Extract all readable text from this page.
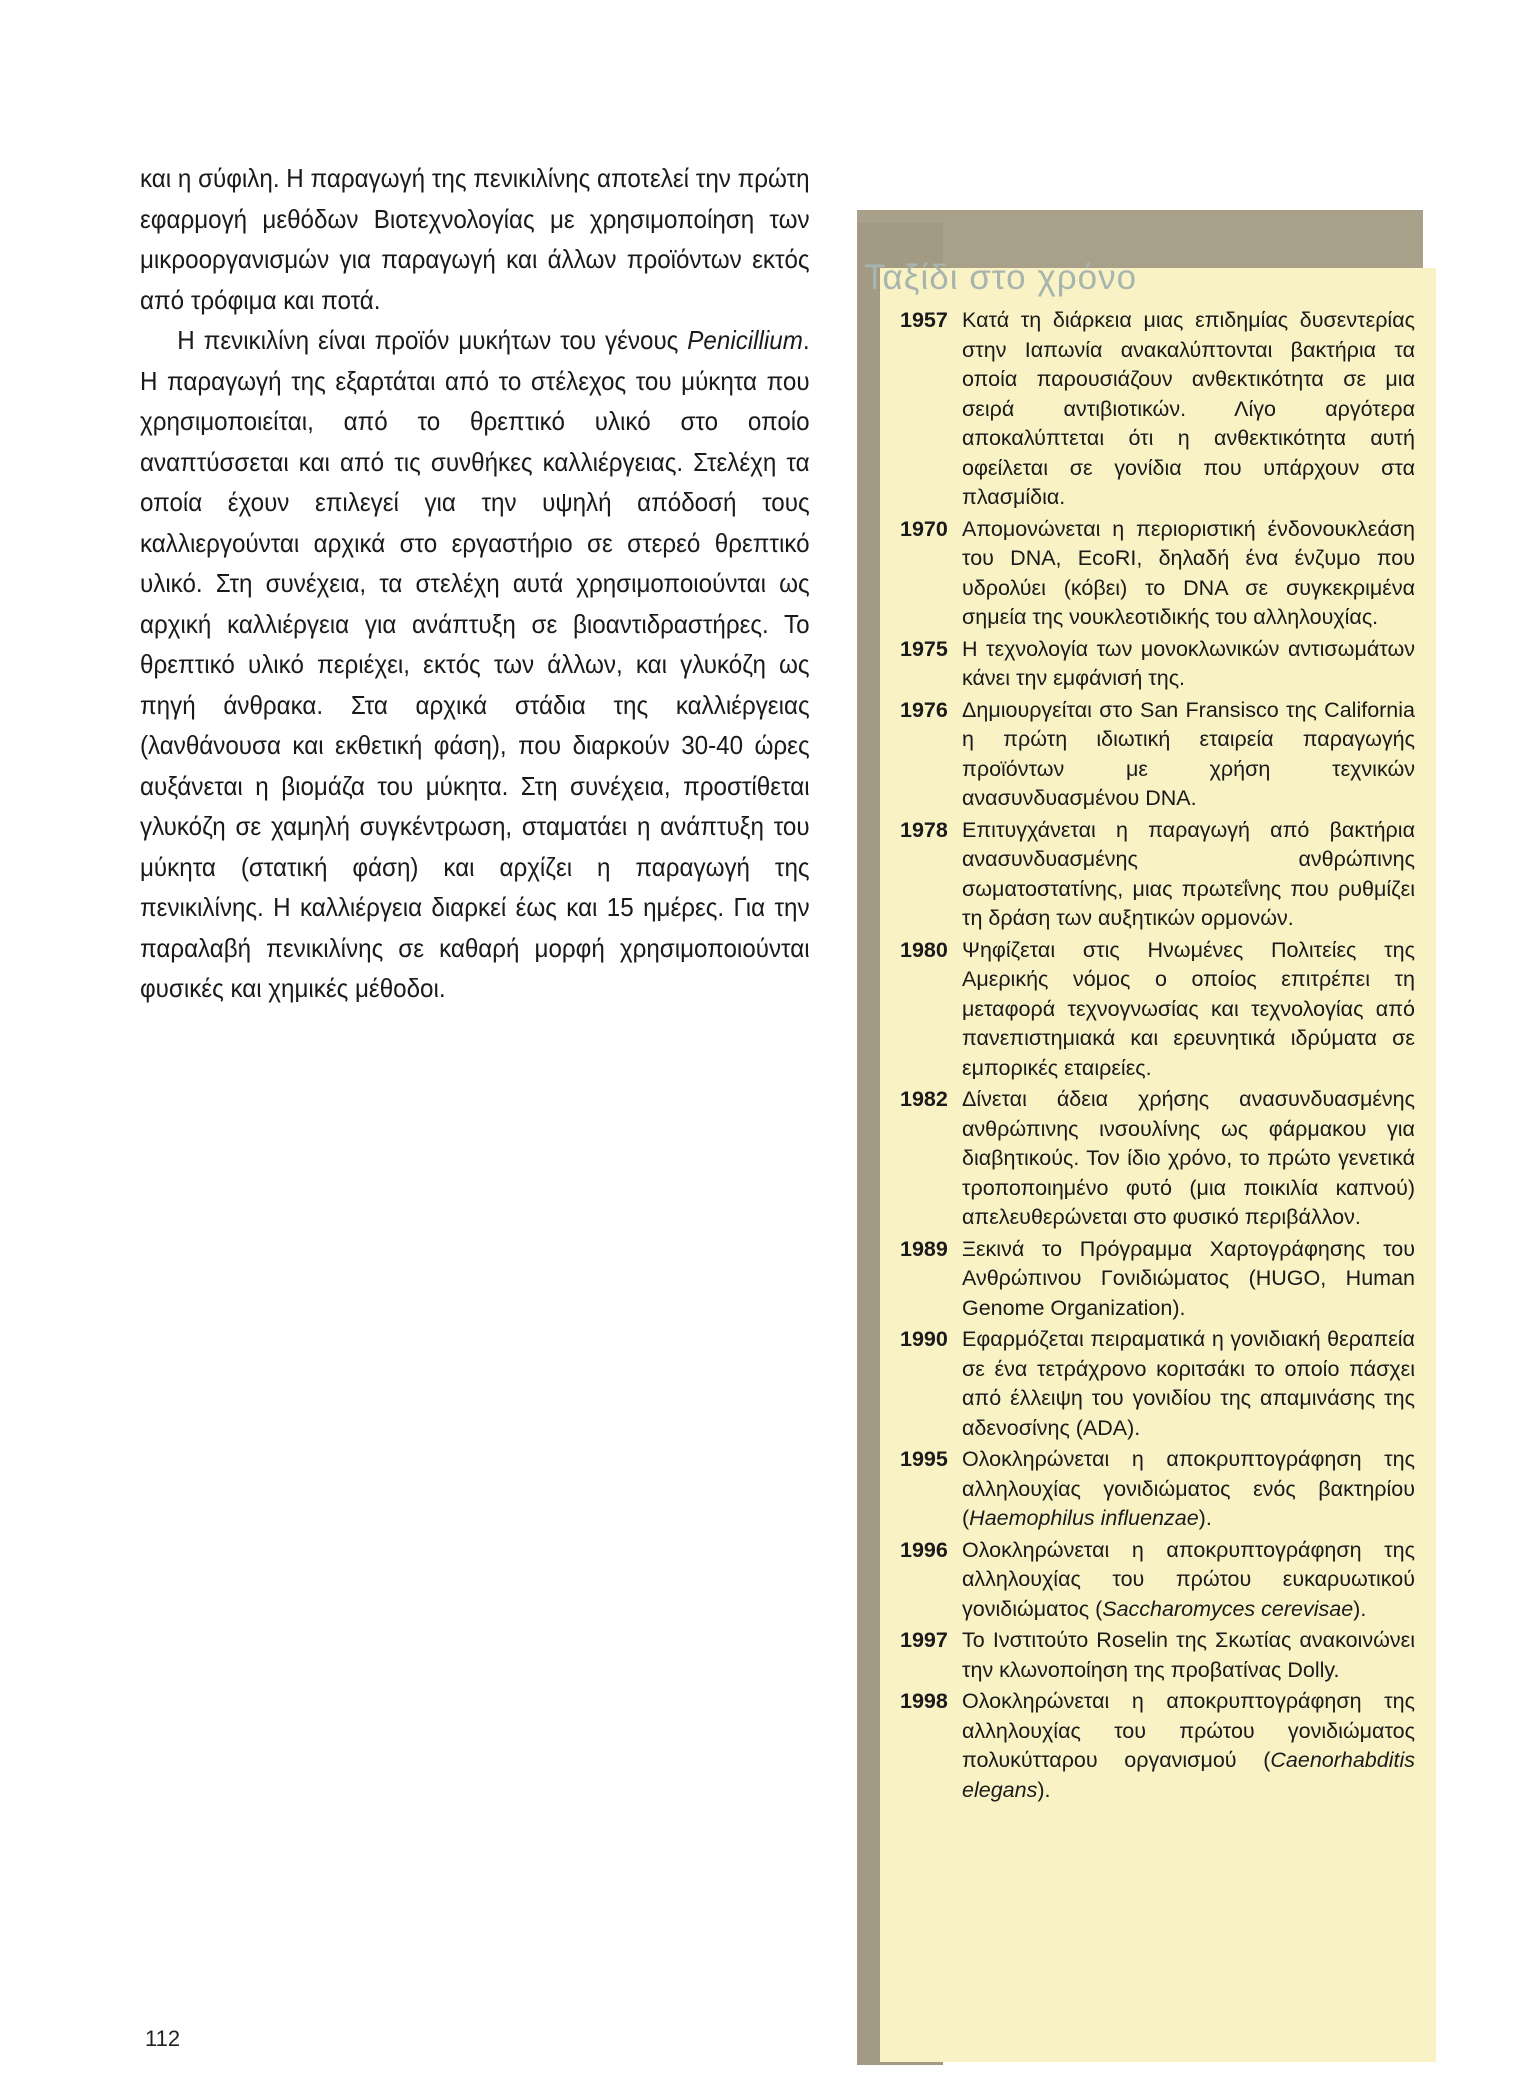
και η σύφιλη. Η παραγωγή της πενικιλίνης αποτελεί την πρώτη εφαρμογή μεθόδων Βιοτεχνολογίας με χρησιμοποίηση των μικροοργανισμών για παραγωγή και άλλων προϊόντων εκτός από τρόφιμα και ποτά.

Η πενικιλίνη είναι προϊόν μυκήτων του γένους Penicillium. Η παραγωγή της εξαρτάται από το στέλεχος του μύκητα που χρησιμοποιείται, από το θρεπτικό υλικό στο οποίο αναπτύσσεται και από τις συνθήκες καλλιέργειας. Στελέχη τα οποία έχουν επιλεγεί για την υψηλή απόδοσή τους καλλιεργούνται αρχικά στο εργαστήριο σε στερεό θρεπτικό υλικό. Στη συνέχεια, τα στελέχη αυτά χρησιμοποιούνται ως αρχική καλλιέργεια για ανάπτυξη σε βιοαντιδραστήρες. Το θρεπτικό υλικό περιέχει, εκτός των άλλων, και γλυκόζη ως πηγή άνθρακα. Στα αρχικά στάδια της καλλιέργειας (λανθάνουσα και εκθετική φάση), που διαρκούν 30-40 ώρες αυξάνεται η βιομάζα του μύκητα. Στη συνέχεια, προστίθεται γλυκόζη σε χαμηλή συγκέντρωση, σταματάει η ανάπτυξη του μύκητα (στατική φάση) και αρχίζει η παραγωγή της πενικιλίνης. Η καλλιέργεια διαρκεί έως και 15 ημέρες. Για την παραλαβή πενικιλίνης σε καθαρή μορφή χρησιμοποιούνται φυσικές και χημικές μέθοδοι.

Ταξίδι στο χρόνο
1957 Κατά τη διάρκεια μιας επιδημίας δυσεντερίας στην Ιαπωνία ανακαλύπτονται βακτήρια τα οποία παρουσιάζουν ανθεκτικότητα σε μια σειρά αντιβιοτικών. Λίγο αργότερα αποκαλύπτεται ότι η ανθεκτικότητα αυτή οφείλεται σε γονίδια που υπάρχουν στα πλασμίδια.
1970 Απομονώνεται η περιοριστική ένδονουκλεάση του DNA, EcoRI, δηλαδή ένα ένζυμο που υδρολύει (κόβει) το DNA σε συγκεκριμένα σημεία της νουκλεοτιδικής του αλληλουχίας.
1975 Η τεχνολογία των μονοκλωνικών αντισωμάτων κάνει την εμφάνισή της.
1976 Δημιουργείται στο San Fransisco της California η πρώτη ιδιωτική εταιρεία παραγωγής προϊόντων με χρήση τεχνικών ανασυνδυασμένου DNA.
1978 Επιτυγχάνεται η παραγωγή από βακτήρια ανασυνδυασμένης ανθρώπινης σωματοστατίνης, μιας πρωτεΐνης που ρυθμίζει τη δράση των αυξητικών ορμονών.
1980 Ψηφίζεται στις Ηνωμένες Πολιτείες της Αμερικής νόμος ο οποίος επιτρέπει τη μεταφορά τεχνογνωσίας και τεχνολογίας από πανεπιστημιακά και ερευνητικά ιδρύματα σε εμπορικές εταιρείες.
1982 Δίνεται άδεια χρήσης ανασυνδυασμένης ανθρώπινης ινσουλίνης ως φάρμακου για διαβητικούς. Τον ίδιο χρόνο, το πρώτο γενετικά τροποποιημένο φυτό (μια ποικιλία καπνού) απελευθερώνεται στο φυσικό περιβάλλον.
1989 Ξεκινά το Πρόγραμμα Χαρτογράφησης του Ανθρώπινου Γονιδιώματος (HUGO, Human Genome Organization).
1990 Εφαρμόζεται πειραματικά η γονιδιακή θεραπεία σε ένα τετράχρονο κοριτσάκι το οποίο πάσχει από έλλειψη του γονιδίου της απαμινάσης της αδενοσίνης (ADA).
1995 Ολοκληρώνεται η αποκρυπτογράφηση της αλληλουχίας γονιδιώματος ενός βακτηρίου (Haemophilus influenzae).
1996 Ολοκληρώνεται η αποκρυπτογράφηση της αλληλουχίας του πρώτου ευκαρυωτικού γονιδιώματος (Saccharomyces cerevisae).
1997 Το Ινστιτούτο Roselin της Σκωτίας ανακοινώνει την κλωνοποίηση της προβατίνας Dolly.
1998 Ολοκληρώνεται η αποκρυπτογράφηση της αλληλουχίας του πρώτου γονιδιώματος πολυκύτταρου οργανισμού (Caenorhabditis elegans).
112
